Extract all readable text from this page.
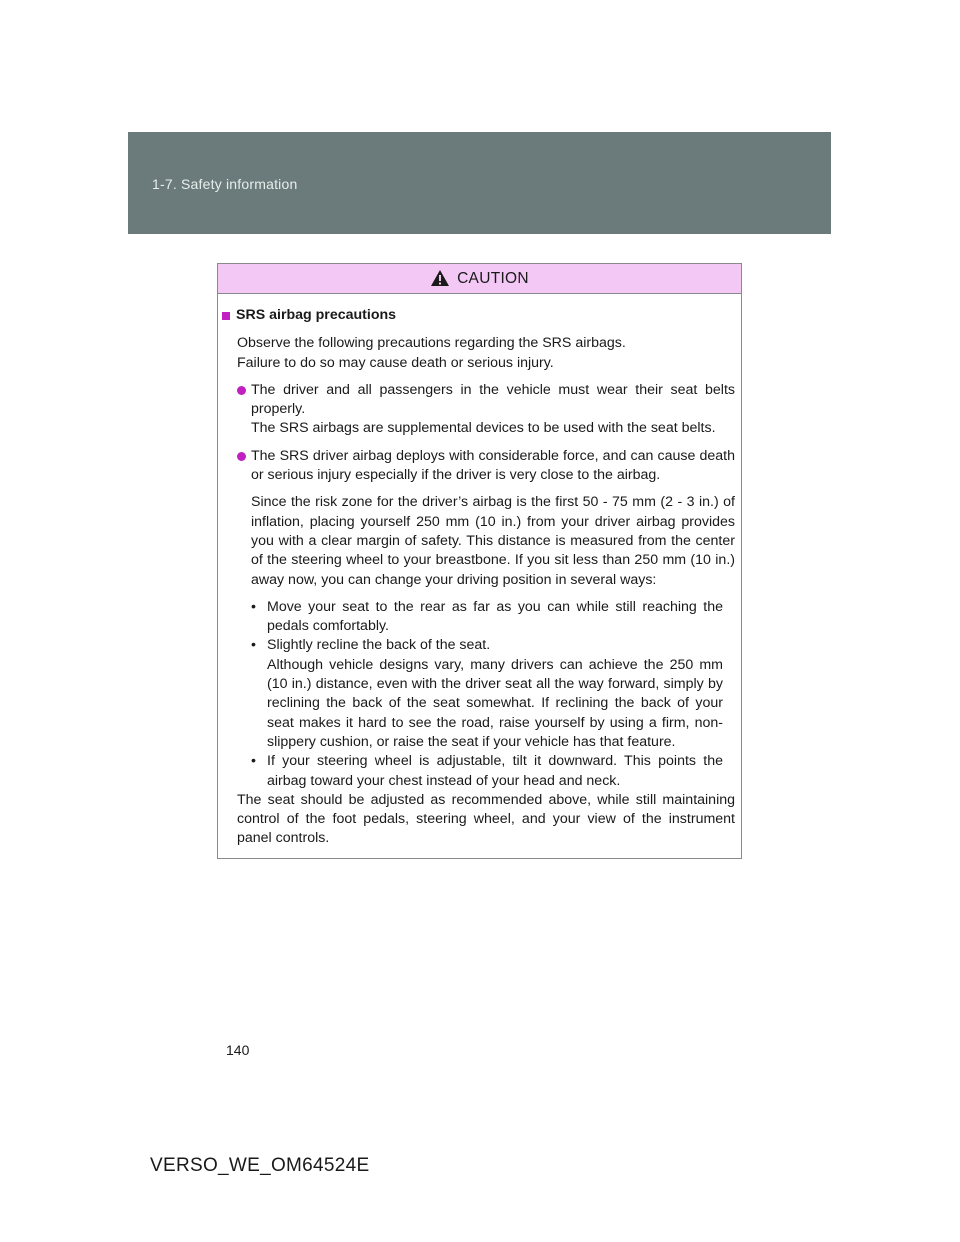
1-7. Safety information
CAUTION
SRS airbag precautions
Observe the following precautions regarding the SRS airbags.
Failure to do so may cause death or serious injury.
The driver and all passengers in the vehicle must wear their seat belts properly.
The SRS airbags are supplemental devices to be used with the seat belts.
The SRS driver airbag deploys with considerable force, and can cause death or serious injury especially if the driver is very close to the airbag.
Since the risk zone for the driver’s airbag is the first 50 - 75 mm (2 - 3 in.) of inflation, placing yourself 250 mm (10 in.) from your driver airbag provides you with a clear margin of safety. This distance is measured from the center of the steering wheel to your breastbone. If you sit less than 250 mm (10 in.) away now, you can change your driving position in several ways:
• Move your seat to the rear as far as you can while still reaching the pedals comfortably.
• Slightly recline the back of the seat.
Although vehicle designs vary, many drivers can achieve the 250 mm (10 in.) distance, even with the driver seat all the way forward, simply by reclining the back of the seat somewhat. If reclining the back of your seat makes it hard to see the road, raise yourself by using a firm, non-slippery cushion, or raise the seat if your vehicle has that feature.
• If your steering wheel is adjustable, tilt it downward. This points the airbag toward your chest instead of your head and neck.
The seat should be adjusted as recommended above, while still maintaining control of the foot pedals, steering wheel, and your view of the instrument panel controls.
140
VERSO_WE_OM64524E
